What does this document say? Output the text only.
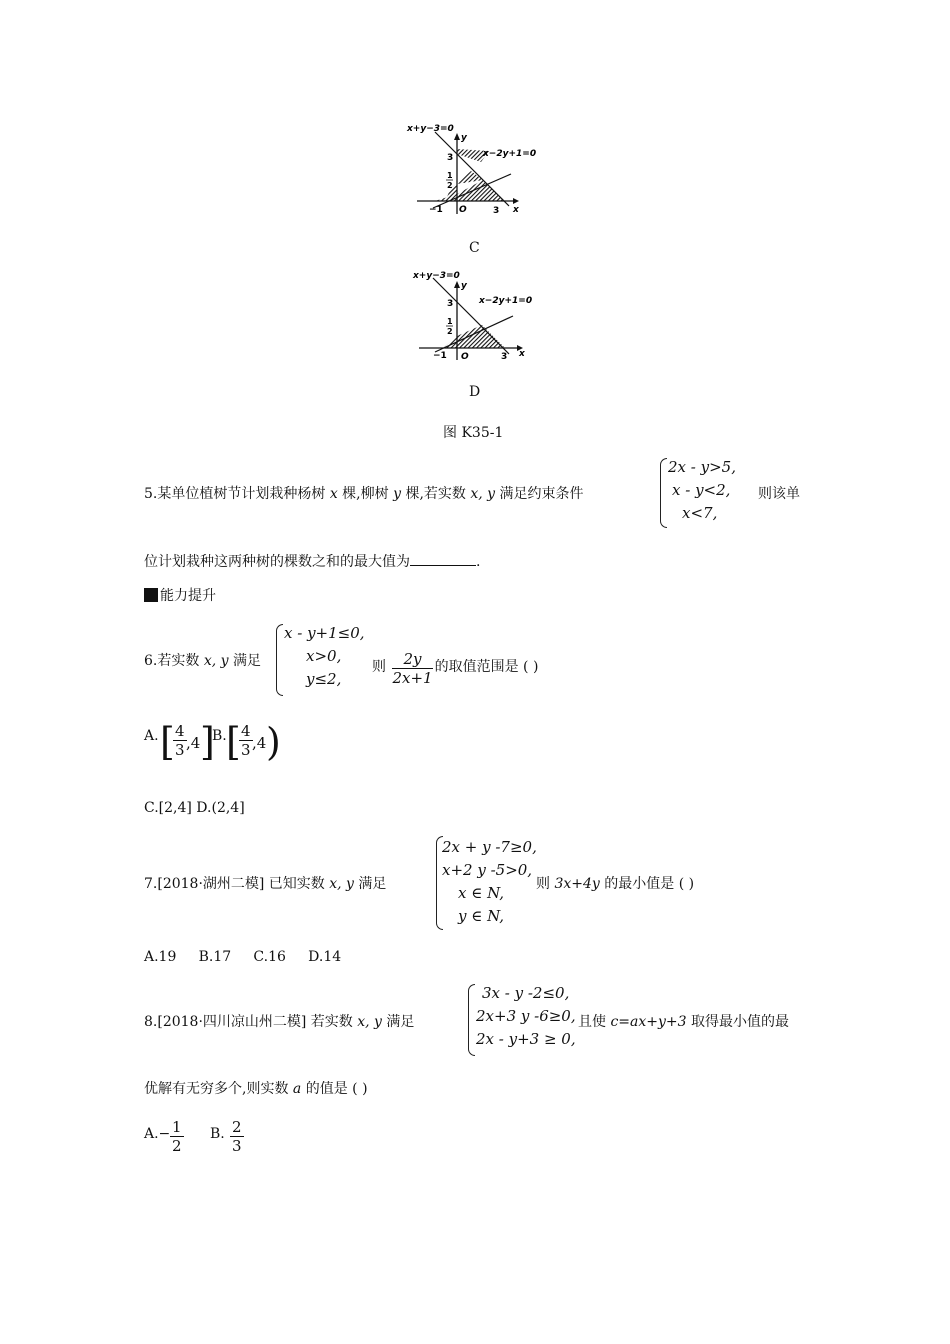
x+y−3=0
y
x−2y+1=0
3
1
2
−1 O	3 x
C
x+y−3=0
y
x−2y+1=0
3
1
2
−1 O	3 x
D
图 K35-1
5.某单位植树节计划栽种杨树 x 棵,柳树 y 棵,若实数 x, y 满足约束条件
2x - y>5,
x - y<2,
x<7,
则该单
位计划栽种这两种树的棵数之和的最大值为	.
能力提升
6.若实数 x, y 满足
x - y+1≤0,
x>0,
y≤2,
则 $\frac{2y}{2x+1}$ 的取值范围是 ( )
A. [
$\frac{4}{3} ,4$ ]
B. [
$\frac{4}{3} ,4$ )
C.[2,4] D.(2,4]
7.[2018·湖州二模] 已知实数 x, y 满足
2x + y -7≥0,
x+2 y -5>0,
x ∈ N,
y ∈ N,
则 3x+4y 的最小值是 ( )
A.19     B.17     C.16     D.14
8.[2018·四川凉山州二模] 若实数 x, y 满足
3x - y -2≤0,
2x+3 y -6≥0,
2x - y+3 ≥ 0,
且使 c=ax+y+3 取得最小值的最
优解有无穷多个,则实数 a 的值是 ( )
$A.- \frac{1}{2} B$. $\frac{2}{3}$
